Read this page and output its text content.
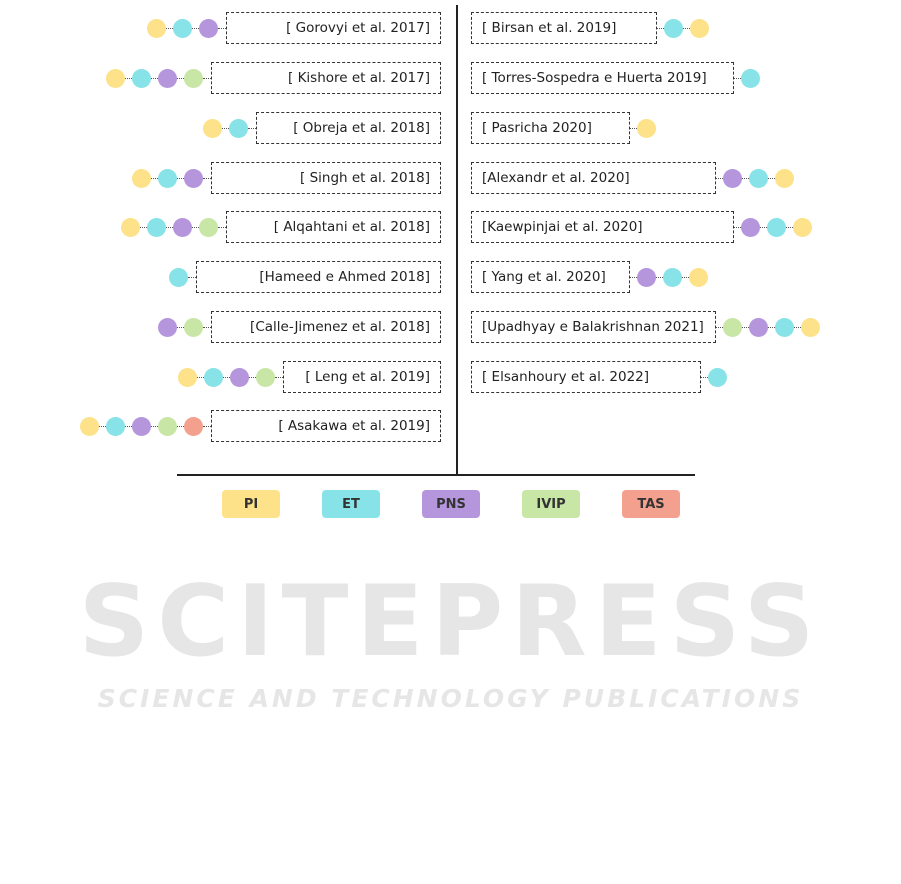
SCITEPRESS
SCIENCE AND TECHNOLOGY PUBLICATIONS
[ Gorovyi et al. 2017]
[ Kishore et al. 2017]
[ Obreja et al. 2018]
[ Singh et al. 2018]
[ Alqahtani et al. 2018]
[Hameed e Ahmed 2018]
[Calle-Jimenez et al. 2018]
[ Leng et al. 2019]
[ Asakawa et al. 2019]
[ Birsan et al. 2019]
[ Torres-Sospedra e Huerta 2019]
[ Pasricha 2020]
[Alexandr et al. 2020]
[Kaewpinjai et al. 2020]
[ Yang et al. 2020]
[Upadhyay e Balakrishnan 2021]
[ Elsanhoury et al. 2022]
PI	ET	PNS	IVIP	TAS
